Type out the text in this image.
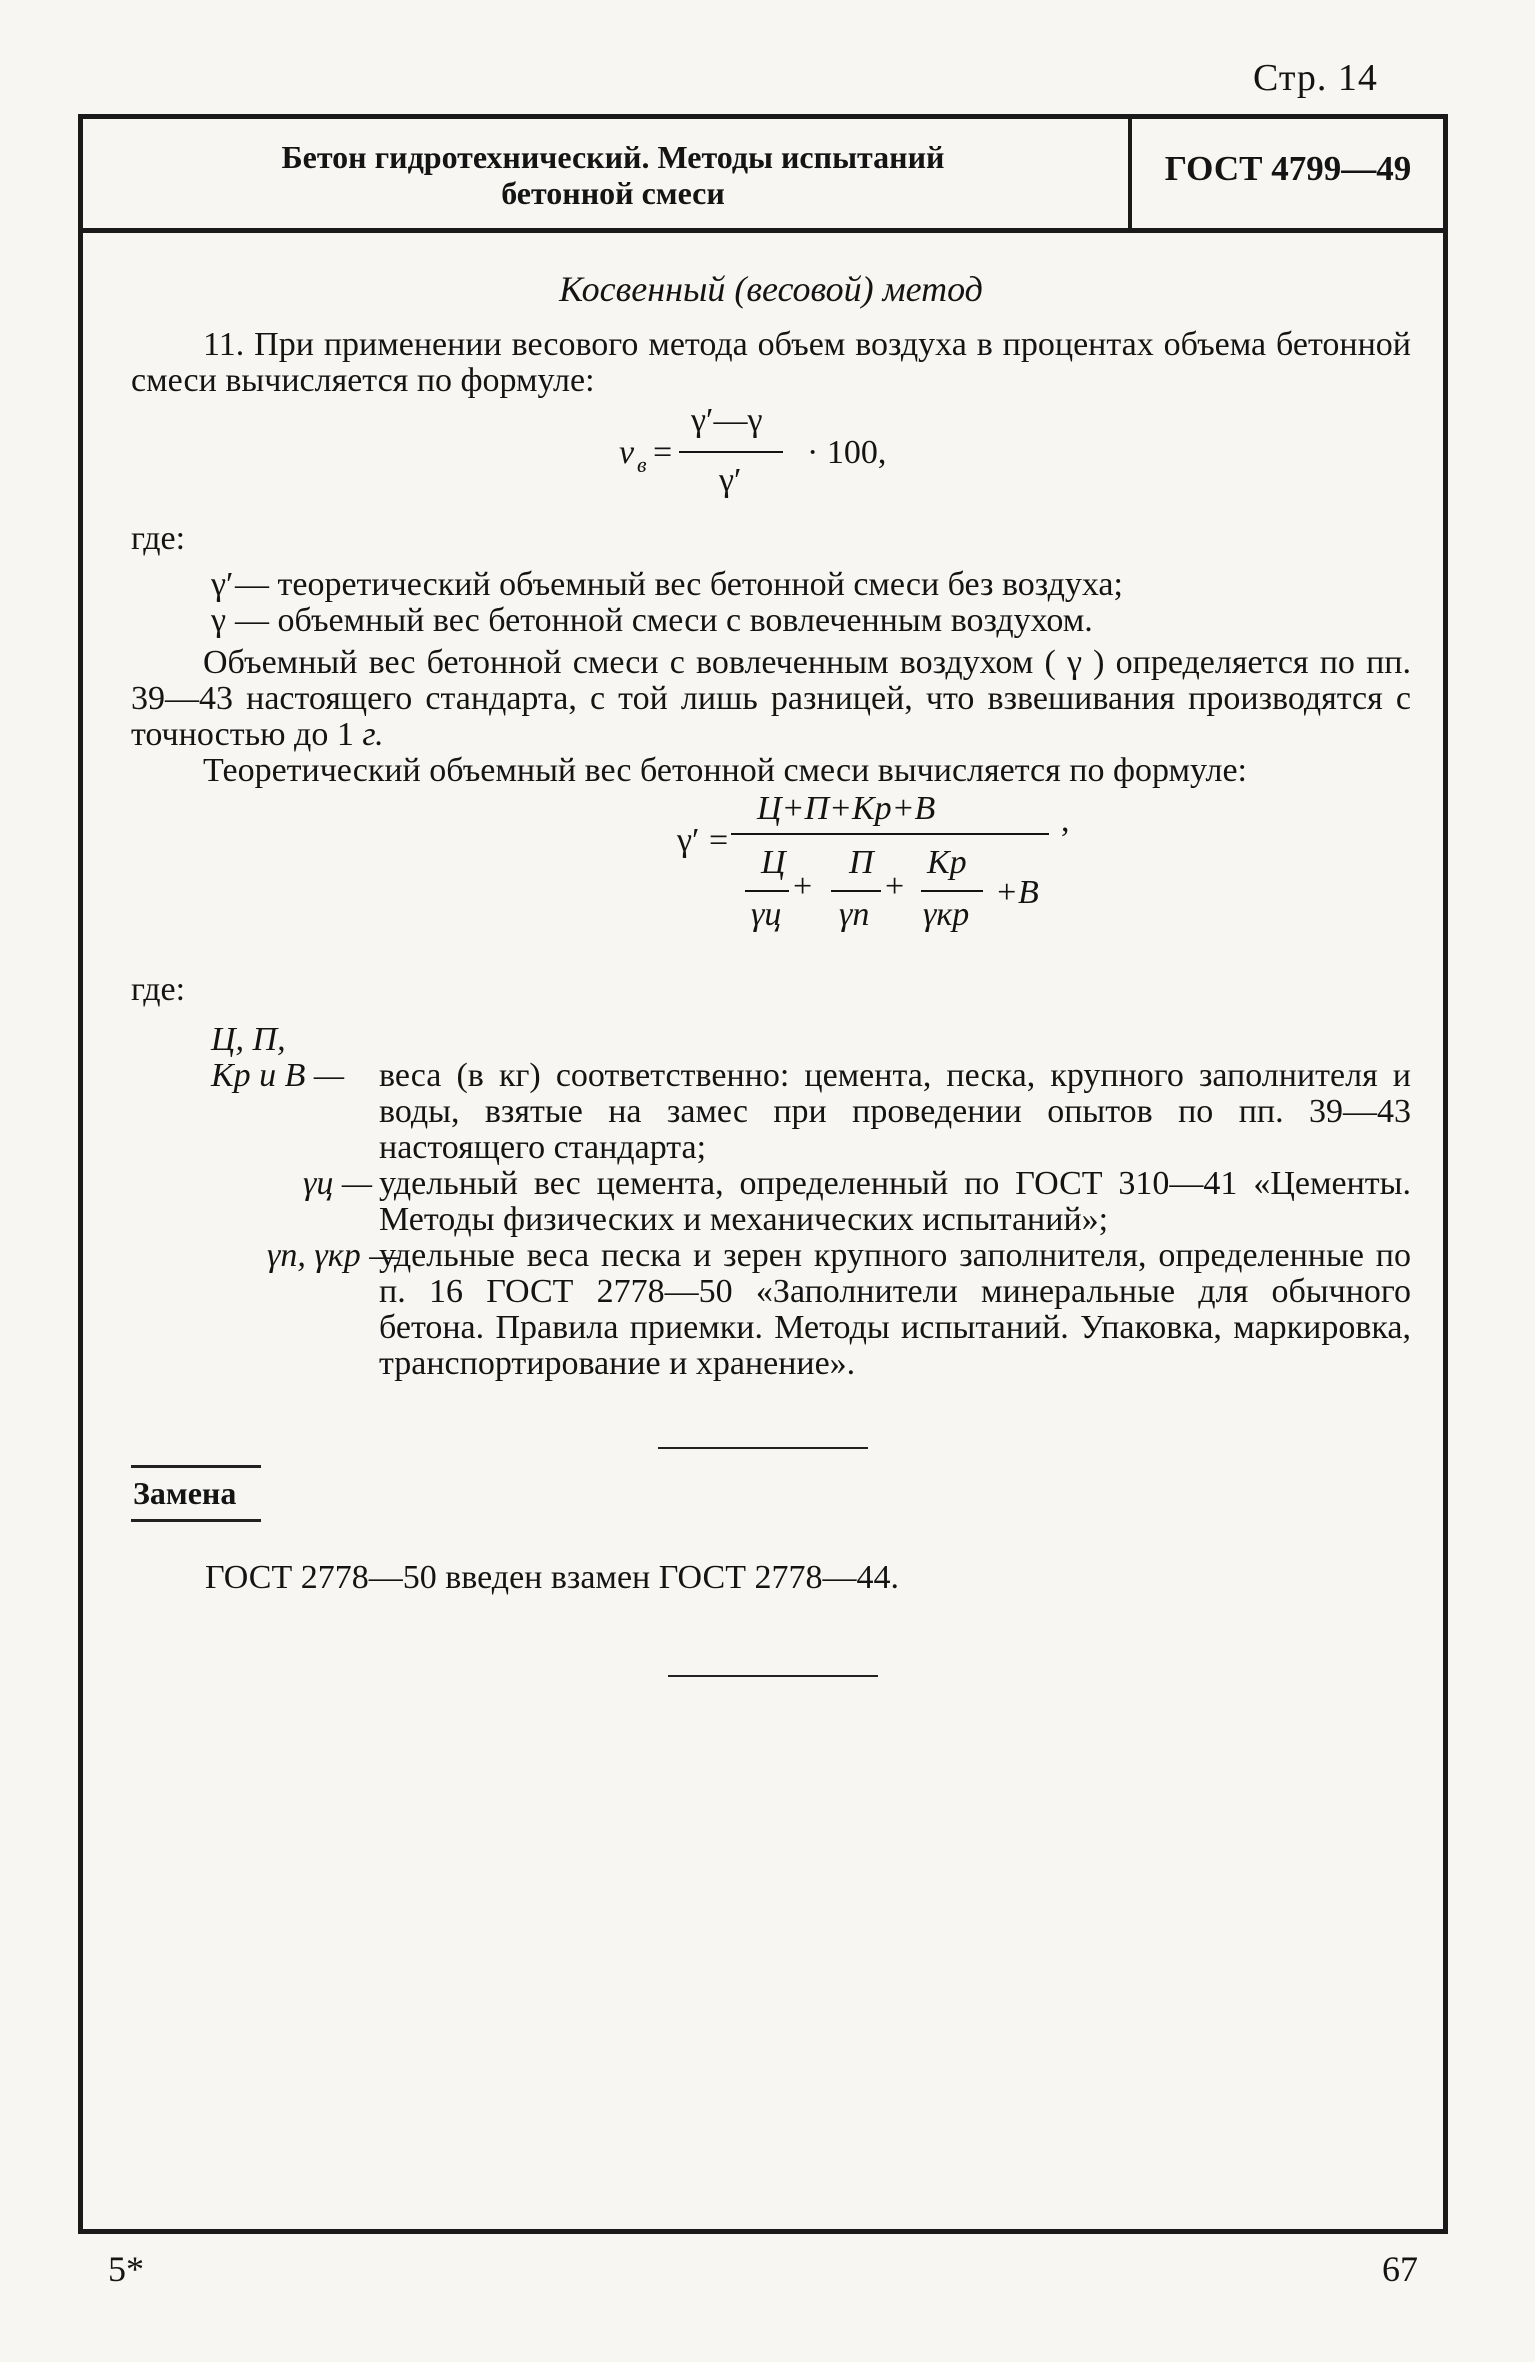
Стр. 14
Бетон гидротехнический. Методы испытаний
бетонной смеси
ГОСТ 4799—49
Косвенный (весовой) метод

11. При применении весового метода объем воздуха в процентах объема бетонной смеси вычисляется по формуле:

v в =
γ′—γ
γ′
· 100,
где:
γ′ — теоретический объемный вес бетонной смеси без воздуха;
γ — объемный вес бетонной смеси с вовлеченным воздухом.

Объемный вес бетонной смеси с вовлеченным воздухом ( γ ) определяется по пп. 39—43 настоящего стандарта, с той лишь разницей, что взвешивания производятся с точностью до 1 г.

Теоретический объемный вес бетонной смеси вычисляется по формуле:

γ′ =
Ц+П+Кр+В	,
Ц
γц
+
П
γп
+
Кр
γкр
+В
где:
Ц, П,
Кр и В — веса (в кг) соответственно: цемента, песка, крупного заполнителя и воды, взятые на замес при проведении опытов по пп. 39—43 настоящего стандарта;
γц — удельный вес цемента, определенный по ГОСТ 310—41 «Цементы. Методы физических и механических испытаний»;
γп, γкр —
удельные веса песка и зерен крупного заполнителя, определенные по п. 16 ГОСТ 2778—50 «Заполнители минеральные для обычного бетона. Правила приемки. Методы испытаний. Упаковка, маркировка, транспортирование и хранение».
Замена
ГОСТ 2778—50 введен взамен ГОСТ 2778—44.
5*	67
